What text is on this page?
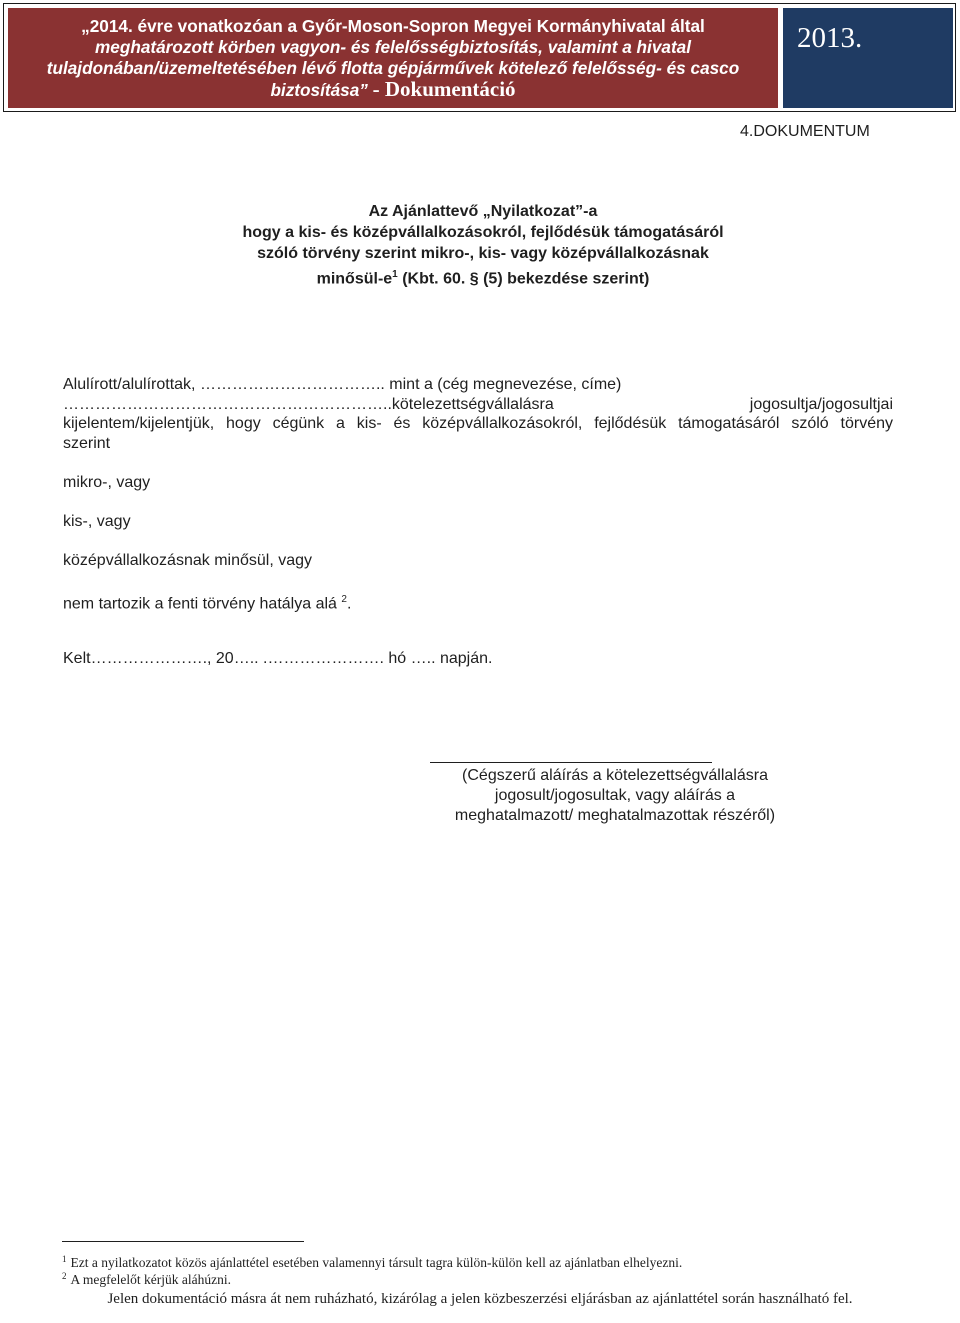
„2014. évre vonatkozóan a Győr-Moson-Sopron Megyei Kormányhivatal által
meghatározott körben vagyon- és felelősségbiztosítás, valamint a hivatal
tulajdonában/üzemeltetésében lévő flotta gépjárművek kötelező felelősség- és casco
biztosítása” - Dokumentáció
2013.
4.DOKUMENTUM
Az Ajánlattevő „Nyilatkozat”-a
hogy a kis- és középvállalkozásokról, fejlődésük támogatásáról
szóló törvény szerint mikro-, kis- vagy középvállalkozásnak
minősül-$e^1$ (Kbt. 60. § (5) bekezdése szerint)
Alulírott/alulírottak, …………………………….. mint a (cég megnevezése, címe)
……………………………………………………..kötelezettségvállalásra jogosultja/jogosultjai
kijelentem/kijelentjük, hogy cégünk a kis- és középvállalkozásokról, fejlődésük támogatásáról szóló törvény
szerint
mikro-, vagy
kis-, vagy
középvállalkozásnak minősül, vagy
nem tartozik a fenti törvény hatálya alá $^2$.
Kelt…………………., 20….. .…………………. hó ….. napján.
(Cégszerű aláírás a kötelezettségvállalásra
jogosult/jogosultak, vagy aláírás a
meghatalmazott/ meghatalmazottak részéről)
$^1$ Ezt a nyilatkozatot közös ajánlattétel esetében valamennyi társult tagra külön-külön kell az ajánlatban elhelyezni.
$^2$ A megfelelőt kérjük aláhúzni.
Jelen dokumentáció másra át nem ruházható, kizárólag a jelen közbeszerzési eljárásban az ajánlattétel során használható fel.
